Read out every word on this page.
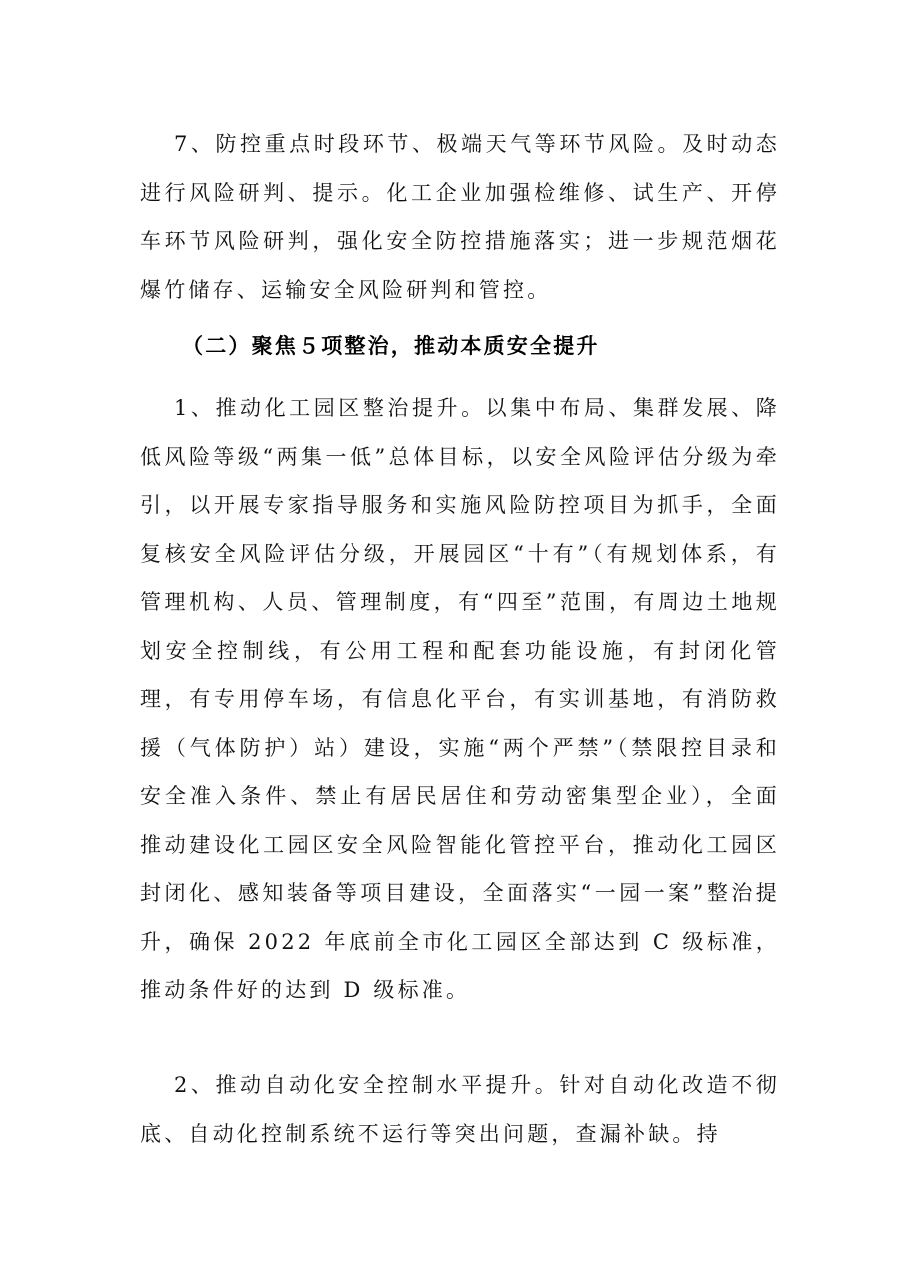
7、防控重点时段环节、极端天气等环节风险。及时动态进行风险研判、提示。化工企业加强检维修、试生产、开停车环节风险研判，强化安全防控措施落实；进一步规范烟花爆竹储存、运输安全风险研判和管控。

（二）聚焦５项整治，推动本质安全提升

1、推动化工园区整治提升。以集中布局、集群发展、降低风险等级“两集一低”总体目标，以安全风险评估分级为牵引，以开展专家指导服务和实施风险防控项目为抓手，全面复核安全风险评估分级，开展园区“十有”（有规划体系，有管理机构、人员、管理制度，有“四至”范围，有周边土地规划安全控制线，有公用工程和配套功能设施，有封闭化管理，有专用停车场，有信息化平台，有实训基地，有消防救援（气体防护）站）建设，实施“两个严禁”（禁限控目录和安全准入条件、禁止有居民居住和劳动密集型企业），全面推动建设化工园区安全风险智能化管控平台，推动化工园区封闭化、感知装备等项目建设，全面落实“一园一案”整治提升，确保 2022 年底前全市化工园区全部达到 C 级标准，推动条件好的达到 D 级标准。

2、推动自动化安全控制水平提升。针对自动化改造不彻底、自动化控制系统不运行等突出问题，查漏补缺。持
